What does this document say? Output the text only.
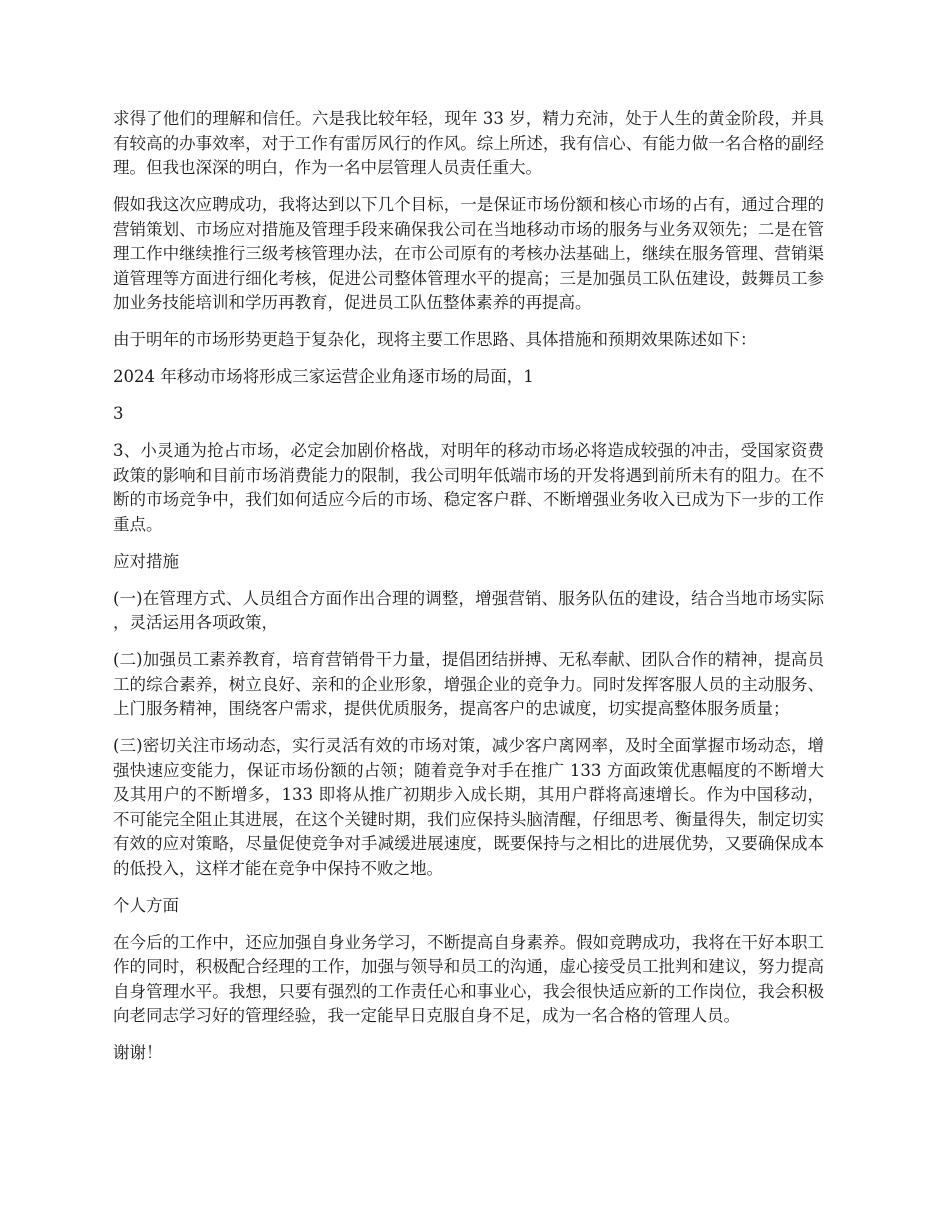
求得了他们的理解和信任。六是我比较年轻，现年 33 岁，精力充沛，处于人生的黄金阶段，并具有较高的办事效率，对于工作有雷厉风行的作风。综上所述，我有信心、有能力做一名合格的副经理。但我也深深的明白，作为一名中层管理人员责任重大。

假如我这次应聘成功，我将达到以下几个目标，一是保证市场份额和核心市场的占有，通过合理的营销策划、市场应对措施及管理手段来确保我公司在当地移动市场的服务与业务双领先；二是在管理工作中继续推行三级考核管理办法，在市公司原有的考核办法基础上，继续在服务管理、营销渠道管理等方面进行细化考核，促进公司整体管理水平的提高；三是加强员工队伍建设，鼓舞员工参加业务技能培训和学历再教育，促进员工队伍整体素养的再提高。

由于明年的市场形势更趋于复杂化，现将主要工作思路、具体措施和预期效果陈述如下：

2024 年移动市场将形成三家运营企业角逐市场的局面，1

3

3、小灵通为抢占市场，必定会加剧价格战，对明年的移动市场必将造成较强的冲击，受国家资费政策的影响和目前市场消费能力的限制，我公司明年低端市场的开发将遇到前所未有的阻力。在不断的市场竞争中，我们如何适应今后的市场、稳定客户群、不断增强业务收入已成为下一步的工作重点。

应对措施

(一)在管理方式、人员组合方面作出合理的调整，增强营销、服务队伍的建设，结合当地市场实际，灵活运用各项政策，

(二)加强员工素养教育，培育营销骨干力量，提倡团结拼搏、无私奉献、团队合作的精神，提高员工的综合素养，树立良好、亲和的企业形象，增强企业的竞争力。同时发挥客服人员的主动服务、上门服务精神，围绕客户需求，提供优质服务，提高客户的忠诚度，切实提高整体服务质量；

(三)密切关注市场动态，实行灵活有效的市场对策，减少客户离网率，及时全面掌握市场动态，增强快速应变能力，保证市场份额的占领；随着竞争对手在推广 133 方面政策优惠幅度的不断增大及其用户的不断增多，133 即将从推广初期步入成长期，其用户群将高速增长。作为中国移动，不可能完全阻止其进展，在这个关键时期，我们应保持头脑清醒，仔细思考、衡量得失，制定切实有效的应对策略，尽量促使竞争对手减缓进展速度，既要保持与之相比的进展优势，又要确保成本的低投入，这样才能在竞争中保持不败之地。

个人方面

在今后的工作中，还应加强自身业务学习，不断提高自身素养。假如竞聘成功，我将在干好本职工作的同时，积极配合经理的工作，加强与领导和员工的沟通，虚心接受员工批判和建议，努力提高自身管理水平。我想，只要有强烈的工作责任心和事业心，我会很快适应新的工作岗位，我会积极向老同志学习好的管理经验，我一定能早日克服自身不足，成为一名合格的管理人员。

谢谢！
